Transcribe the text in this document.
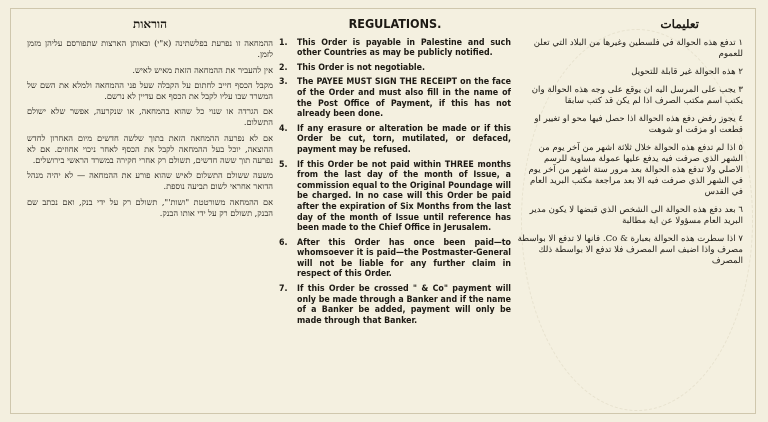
הוראות
ההמחאה זו נפרעת בפלשתינה (א"י) ובאותן הארצות שתפורסם עליהן מזמן לזמן.
אין להעביר את ההמחאה הזאת מאיש לאיש.
מקבל הכסף חייב לחתום על הקבלה שעל פני ההמחאה ולמלא את השם של המשרד שבו עליו לקבל את הכסף אם עדיין לא נרשם.
אם הגרדה או שנוי כל שהוא בהמחאה, או שנקרעה, אפשר שלא ישולם התשלום.
אם לא נפרעה ההמחאה הזאת בתוך שלשה חדשים מיום האחרון לחדש ההוצאה, יוכל בעל ההמחאה לקבל את הכסף לאחר ניכוי אחוזים. אם לא נפרעה תוך ששה חדשים, תשולם רק אחרי חקירה במשרד הראשי בירושלים.
משעה ששולם התשלום לאיש שהוא פורע את ההמחאה — לא יהיה מנהל הדואר אחראי לשום תביעה נוספת.
אם ההמחאה משורטטת "ושות'", תשולם רק על ידי בנק, ואם נכתב שם הבנק, תשולם רק על ידי אותו הבנק.
REGULATIONS.
1.	This Order is payable in Palestine and such other Countries as may be publicly notified.
2.	This Order is not negotiable.
3.	The PAYEE MUST SIGN THE RECEIPT on the face of the Order and must also fill in the name of the Post Office of Payment, if this has not already been done.
4.	If any erasure or alteration be made or if this Order be cut, torn, mutilated, or defaced, payment may be refused.
5.	If this Order be not paid within THREE months from the last day of the month of Issue, a commission equal to the Original Poundage will be charged. In no case will this Order be paid after the expiration of Six Months from the last day of the month of Issue until reference has been made to the Chief Office in Jerusalem.
6.	After this Order has once been paid—to whomsoever it is paid—the Postmaster-General will not be liable for any further claim in respect of this Order.
7.	If this Order be crossed " & Co" payment will only be made through a Banker and if the name of a Banker be added, payment will only be made through that Banker.
تعليمات
١ تدفع هذه الحوالة في فلسطين وغيرها من البلاد التي تعلن للعموم
٢ هذه الحوالة غير قابلة للتحويل
٣ يجب على المرسل اليه ان يوقع على وجه هذه الحوالة وان يكتب اسم مكتب الصرف اذا لم يكن قد كتب سابقا
٤ يجوز رفض دفع هذه الحوالة اذا حصل فيها محو او تغيير او قطعت او مزقت او شوهت
٥ اذا لم تدفع هذه الحوالة خلال ثلاثة اشهر من آخر يوم من الشهر الذي صرفت فيه يدفع عليها عمولة مساوية للرسم الاصلي ولا تدفع هذه الحوالة بعد مرور ستة اشهر من آخر يوم في الشهر الذي صرفت فيه الا بعد مراجعة مكتب البريد العام في القدس
٦ بعد دفع هذه الحوالة الى الشخص الذي قبضها لا يكون مدير البريد العام مسؤولا عن اية مطالبة
٧ اذا سطرت هذه الحوالة بعبارة & Co. فانها لا تدفع الا بواسطة مصرف واذا اضيف اسم المصرف فلا تدفع الا بواسطة ذلك المصرف
